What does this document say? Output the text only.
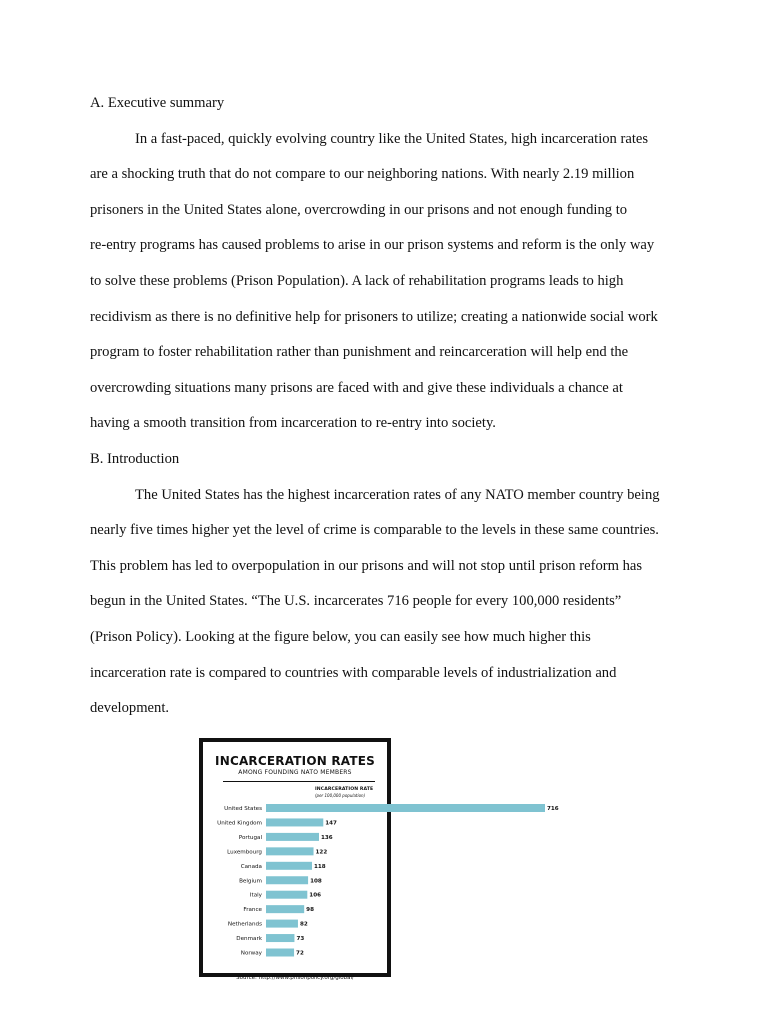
A. Executive summary

In a fast-paced, quickly evolving country like the United States, high incarceration rates

are a shocking truth that do not compare to our neighboring nations. With nearly 2.19 million

prisoners in the United States alone, overcrowding in our prisons and not enough funding to

re-entry programs has caused problems to arise in our prison systems and reform is the only way

to solve these problems (Prison Population). A lack of rehabilitation programs leads to high

recidivism as there is no definitive help for prisoners to utilize; creating a nationwide social work

program to foster rehabilitation rather than punishment and reincarceration will help end the

overcrowding situations many prisons are faced with and give these individuals a chance at

having a smooth transition from incarceration to re-entry into society.

B. Introduction

The United States has the highest incarceration rates of any NATO member country being

nearly five times higher yet the level of crime is comparable to the levels in these same countries.

This problem has led to overpopulation in our prisons and will not stop until prison reform has

begun in the United States. “The U.S. incarcerates 716 people for every 100,000 residents”

(Prison Policy). Looking at the figure below, you can easily see how much higher this

incarceration rate is compared to countries with comparable levels of industrialization and

development.

INCARCERATION RATES
AMONG FOUNDING NATO MEMBERS
INCARCERATION RATE
(per 100,000 population)
United States	716
United Kingdom	147
Portugal	136
Luxembourg	122
Canada	118
Belgium	108
Italy	106
France	98
Netherlands	82
Denmark	73
Norway	72
Source: http://www.prisonpolicy.org/global/
